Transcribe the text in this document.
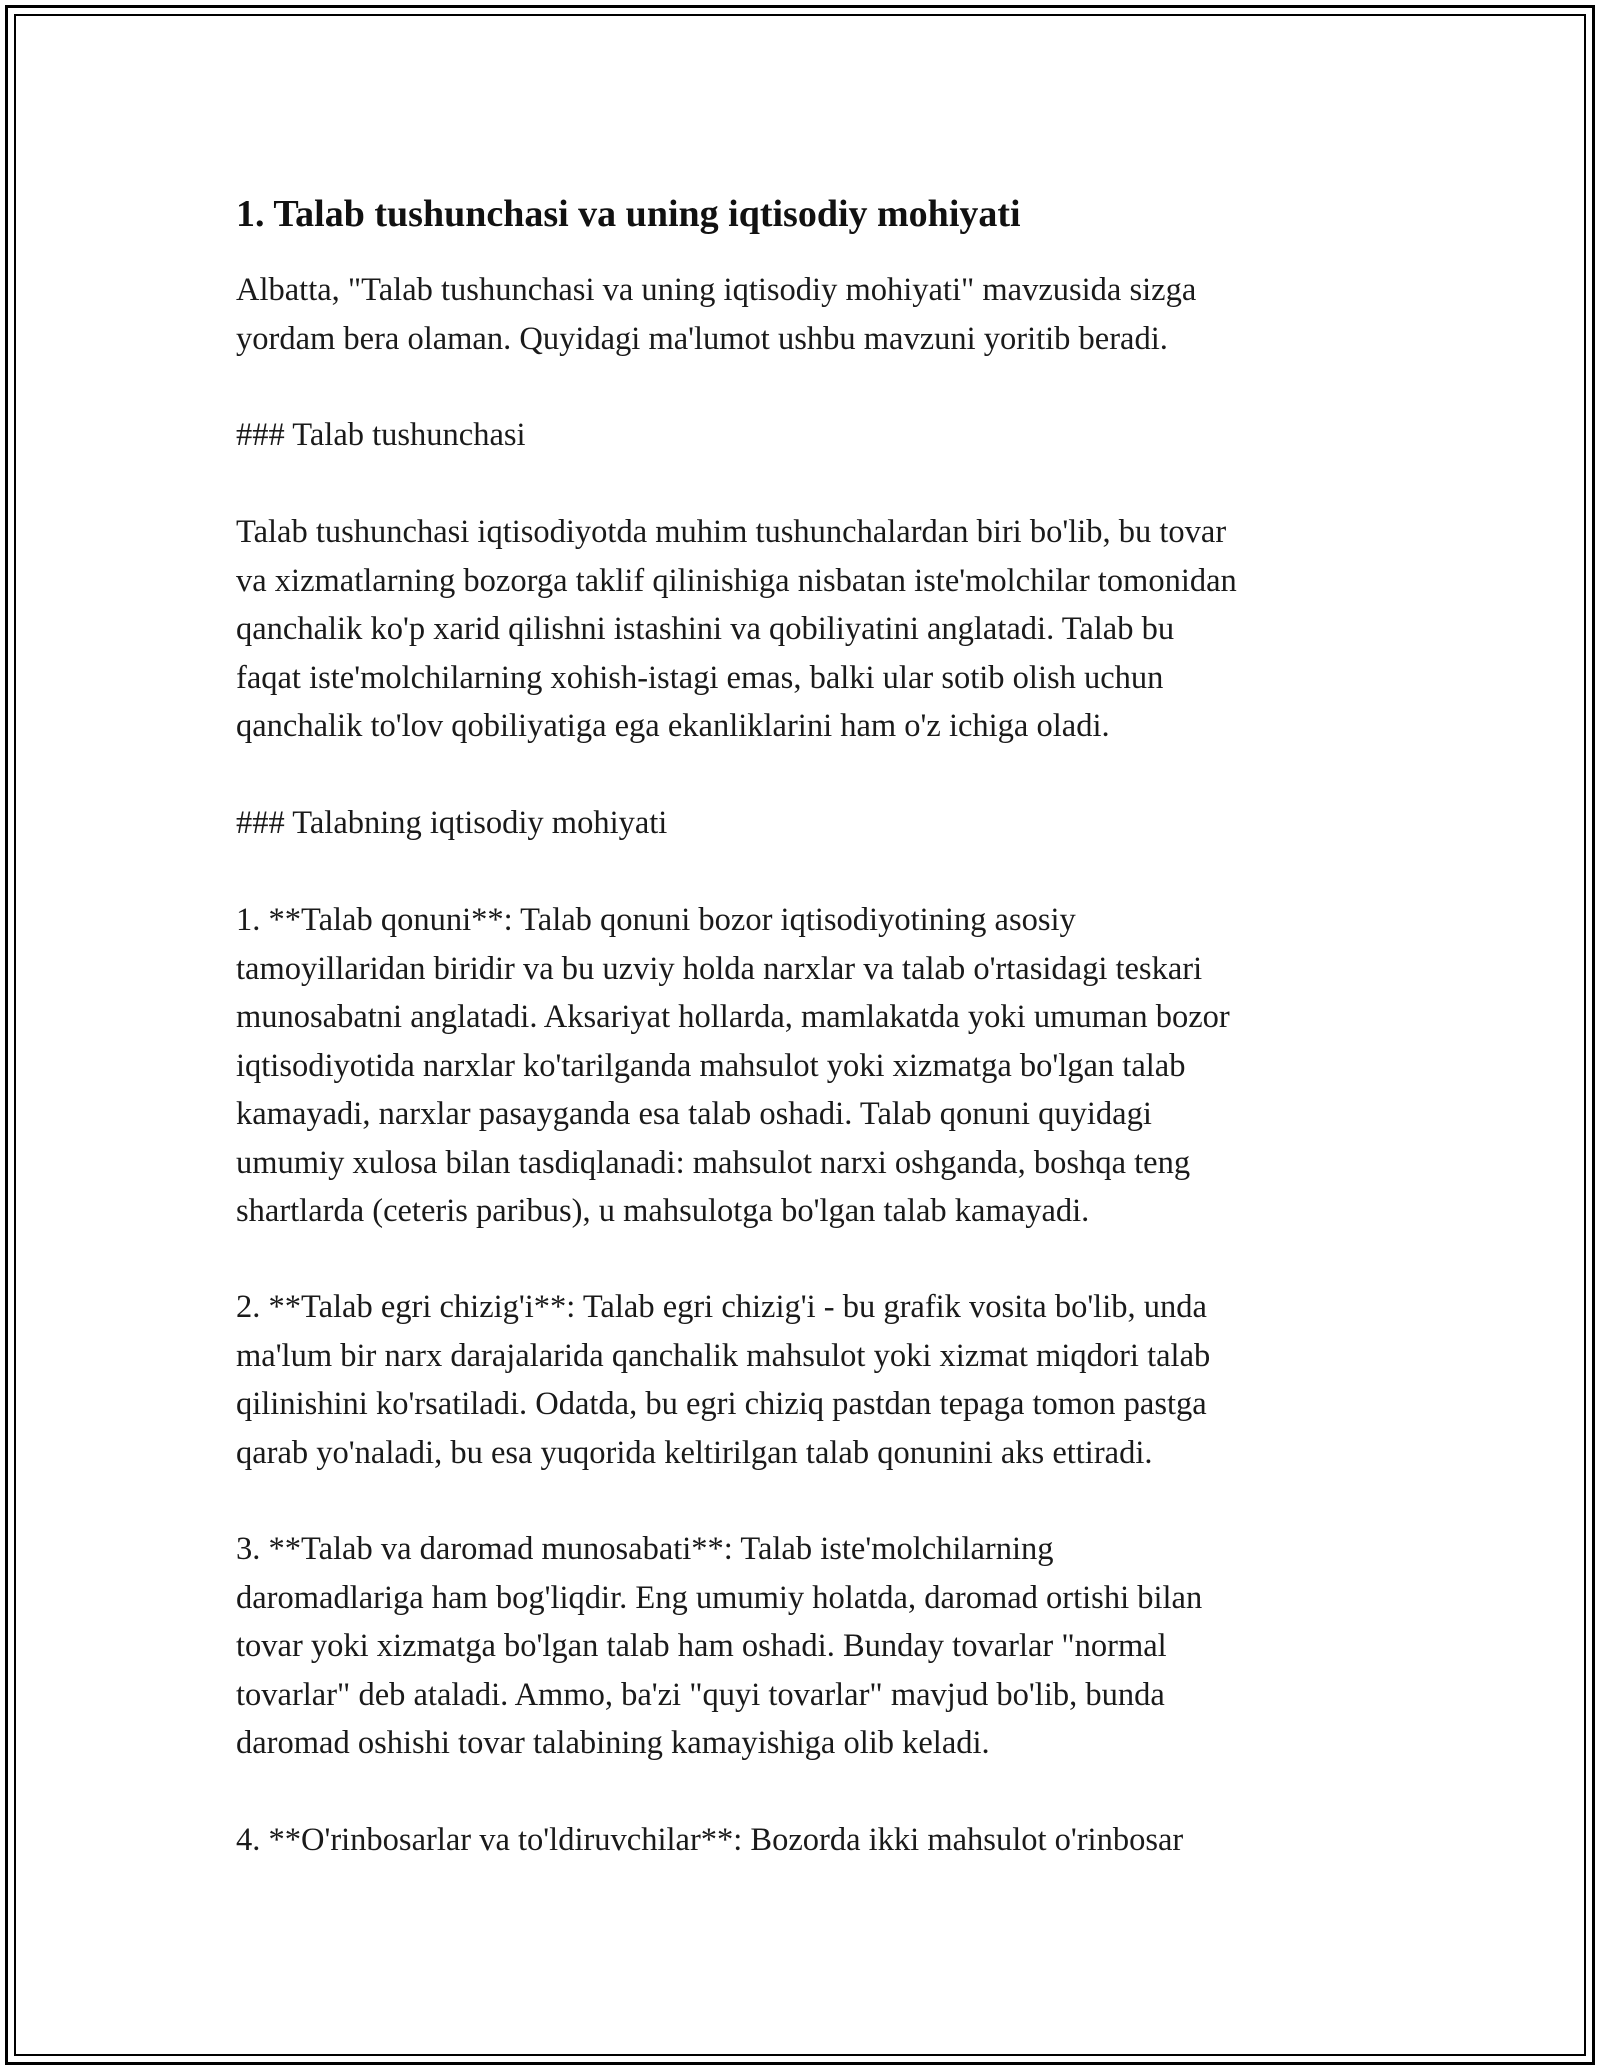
1. Talab tushunchasi va uning iqtisodiy mohiyati

Albatta, "Talab tushunchasi va uning iqtisodiy mohiyati" mavzusida sizga
yordam bera olaman. Quyidagi ma'lumot ushbu mavzuni yoritib beradi.

### Talab tushunchasi

Talab tushunchasi iqtisodiyotda muhim tushunchalardan biri bo'lib, bu tovar
va xizmatlarning bozorga taklif qilinishiga nisbatan iste'molchilar tomonidan
qanchalik ko'p xarid qilishni istashini va qobiliyatini anglatadi. Talab bu
faqat iste'molchilarning xohish-istagi emas, balki ular sotib olish uchun
qanchalik to'lov qobiliyatiga ega ekanliklarini ham o'z ichiga oladi.

### Talabning iqtisodiy mohiyati

1. **Talab qonuni**: Talab qonuni bozor iqtisodiyotining asosiy
tamoyillaridan biridir va bu uzviy holda narxlar va talab o'rtasidagi teskari
munosabatni anglatadi. Aksariyat hollarda, mamlakatda yoki umuman bozor
iqtisodiyotida narxlar ko'tarilganda mahsulot yoki xizmatga bo'lgan talab
kamayadi, narxlar pasayganda esa talab oshadi. Talab qonuni quyidagi
umumiy xulosa bilan tasdiqlanadi: mahsulot narxi oshganda, boshqa teng
shartlarda (ceteris paribus), u mahsulotga bo'lgan talab kamayadi.

2. **Talab egri chizig'i**: Talab egri chizig'i - bu grafik vosita bo'lib, unda
ma'lum bir narx darajalarida qanchalik mahsulot yoki xizmat miqdori talab
qilinishini ko'rsatiladi. Odatda, bu egri chiziq pastdan tepaga tomon pastga
qarab yo'naladi, bu esa yuqorida keltirilgan talab qonunini aks ettiradi.

3. **Talab va daromad munosabati**: Talab iste'molchilarning
daromadlariga ham bog'liqdir. Eng umumiy holatda, daromad ortishi bilan
tovar yoki xizmatga bo'lgan talab ham oshadi. Bunday tovarlar "normal
tovarlar" deb ataladi. Ammo, ba'zi "quyi tovarlar" mavjud bo'lib, bunda
daromad oshishi tovar talabining kamayishiga olib keladi.

4. **O'rinbosarlar va to'ldiruvchilar**: Bozorda ikki mahsulot o'rinbosar
